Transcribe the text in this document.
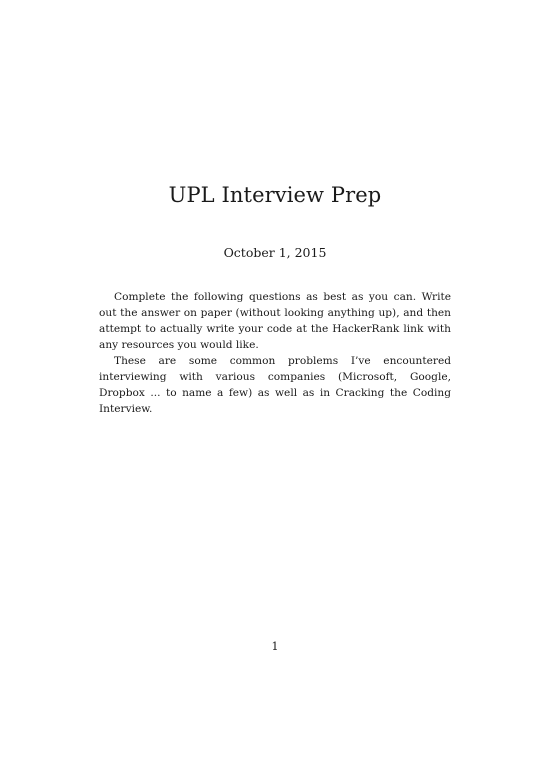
UPL Interview Prep
October 1, 2015

Complete the following questions as best as you can. Write out the answer on paper (without looking anything up), and then attempt to actually write your code at the HackerRank link with any resources you would like.

These are some common problems I’ve encountered interviewing with various companies (Microsoft, Google, Dropbox ... to name a few) as well as in Cracking the Coding Interview.

1
